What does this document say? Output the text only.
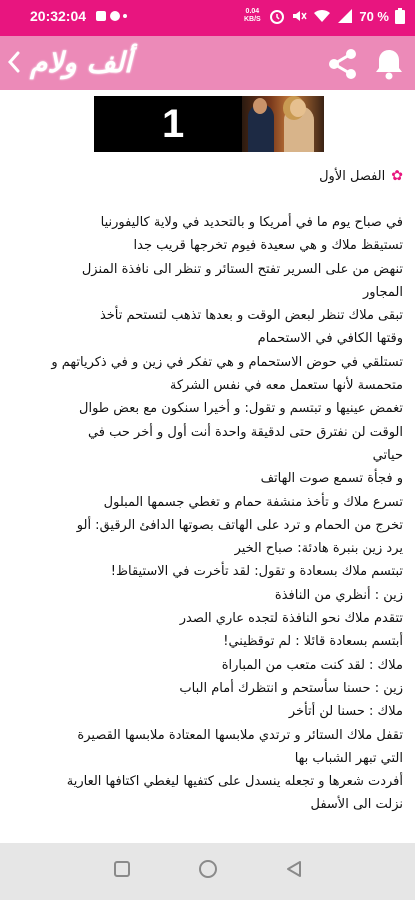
20:32:04	0.04 KB/S	70 %
ألف ولام
1
✿
الفصل الأول

في صباح يوم ما في أمريكا و بالتحديد في ولاية كاليفورنيا

تستيقظ ملاك و هي سعيدة فيوم تخرجها قريب جدا

تنهض من على السرير تفتح الستائر و تنظر الى نافذة المنزل

المجاور

تبقى ملاك تنظر لبعض الوقت و بعدها تذهب لتستحم تأخذ

وقتها الكافي في الاستحمام

تستلقي في حوض الاستحمام و هي تفكر في زين و في ذكرياتهم و

متحمسة لأنها ستعمل معه في نفس الشركة

تغمض عينيها و تبتسم و تقول: و أخيرا سنكون مع بعض طوال

الوقت لن نفترق حتى لدقيقة واحدة أنت أول و أخر حب في

حياتي

و فجأة تسمع صوت الهاتف

تسرع ملاك و تأخذ منشفة حمام و تغطي جسمها المبلول

تخرج من الحمام و ترد على الهاتف بصوتها الدافئ الرقيق: ألو

يرد زين بنبرة هادئة: صباح الخير

تبتسم ملاك بسعادة و تقول: لقد تأخرت في الاستيقاظ!

زين : أنظري من النافذة

تتقدم ملاك نحو النافذة لتجده عاري الصدر

أبتسم بسعادة قائلا : لم توقظيني!

ملاك : لقد كنت متعب من المباراة

زين : حسنا سأستحم و انتظرك أمام الباب

ملاك : حسنا لن أتأخر

تقفل ملاك الستائر و ترتدي ملابسها المعتادة ملابسها القصيرة

التي تبهر الشباب بها

أفردت شعرها و تجعله ينسدل على كتفيها ليغطي اكتافها العارية

نزلت الى الأسفل
